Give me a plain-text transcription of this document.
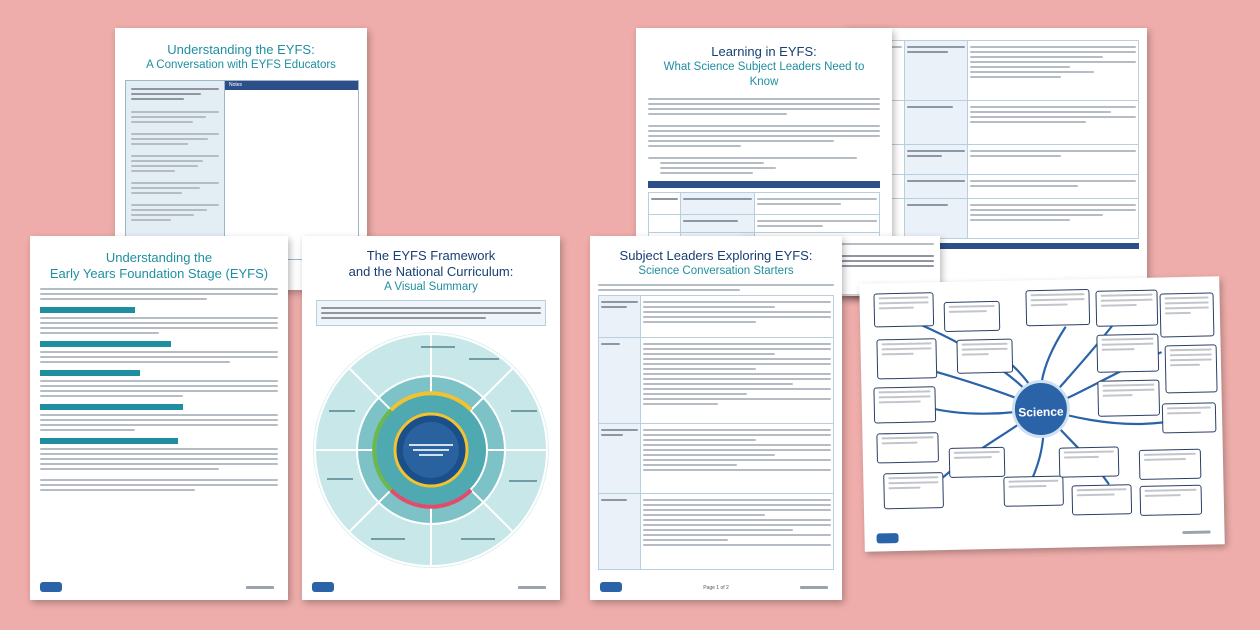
Understanding the EYFS:

A Conversation with EYFS Educators

Notes

Learning in EYFS:

What Science Subject Leaders Need to Know

Understanding the

Early Years Foundation Stage (EYFS)

The EYFS Framework

and the National Curriculum:

A Visual Summary

Subject Leaders Exploring EYFS:

Science Conversation Starters

Page 1 of 2
Science
